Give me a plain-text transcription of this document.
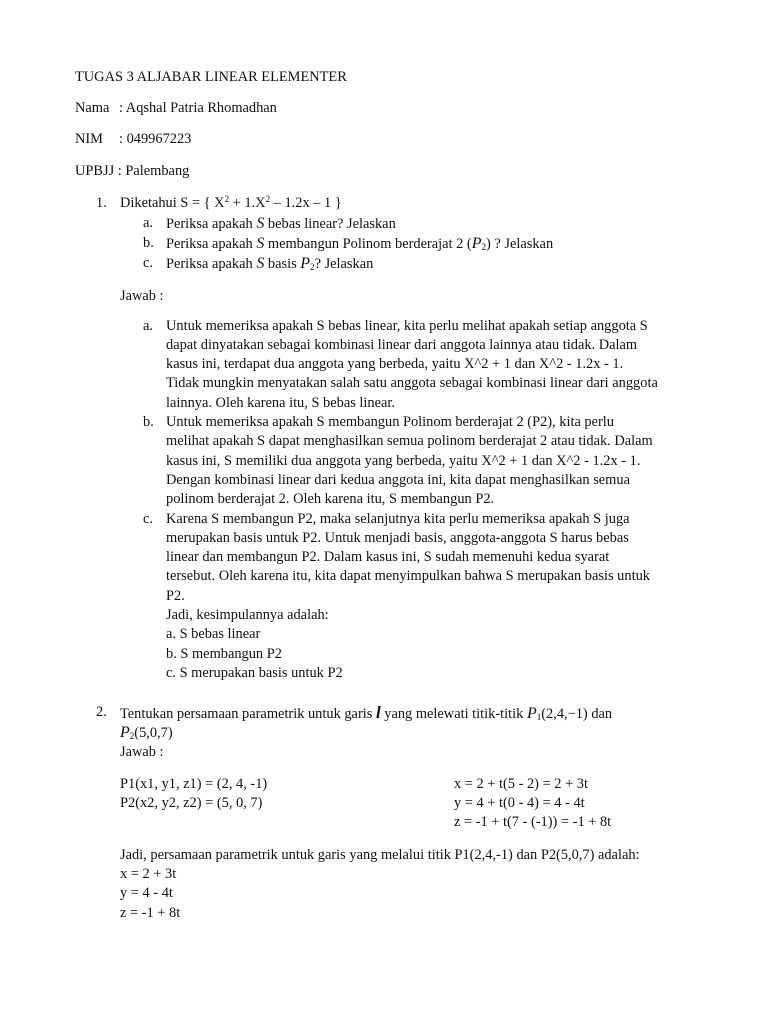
TUGAS 3 ALJABAR LINEAR ELEMENTER
Nama : Aqshal Patria Rhomadhan
NIM : 049967223
UPBJJ : Palembang
1. Diketahui S = { $X^2 + 1.X^2 - 1.2x - 1$ }
a. Periksa apakah S bebas linear? Jelaskan
b. Periksa apakah S membangun Polinom berderajat 2 $(P_2)$ ? Jelaskan
c. Periksa apakah S basis $P_2$? Jelaskan
Jawab :
a. Untuk memeriksa apakah S bebas linear, kita perlu melihat apakah setiap anggota S
dapat dinyatakan sebagai kombinasi linear dari anggota lainnya atau tidak. Dalam
kasus ini, terdapat dua anggota yang berbeda, yaitu X^2 + 1 dan X^2 - 1.2x - 1.
Tidak mungkin menyatakan salah satu anggota sebagai kombinasi linear dari anggota
lainnya. Oleh karena itu, S bebas linear.
b. Untuk memeriksa apakah S membangun Polinom berderajat 2 (P2), kita perlu
melihat apakah S dapat menghasilkan semua polinom berderajat 2 atau tidak. Dalam
kasus ini, S memiliki dua anggota yang berbeda, yaitu X^2 + 1 dan X^2 - 1.2x - 1.
Dengan kombinasi linear dari kedua anggota ini, kita dapat menghasilkan semua
polinom berderajat 2. Oleh karena itu, S membangun P2.
c. Karena S membangun P2, maka selanjutnya kita perlu memeriksa apakah S juga
merupakan basis untuk P2. Untuk menjadi basis, anggota-anggota S harus bebas
linear dan membangun P2. Dalam kasus ini, S sudah memenuhi kedua syarat
tersebut. Oleh karena itu, kita dapat menyimpulkan bahwa S merupakan basis untuk
P2.
Jadi, kesimpulannya adalah:
a. S bebas linear
b. S membangun P2
c. S merupakan basis untuk P2
2. Tentukan persamaan parametrik untuk garis l yang melewati titik-titik $P_1(2,4,-1)$ dan
$P_2(5,0,7)$
Jawab :
P1(x1, y1, z1) = (2, 4, -1)
P2(x2, y2, z2) = (5, 0, 7)
x = 2 + t(5 - 2) = 2 + 3t
y = 4 + t(0 - 4) = 4 - 4t
z = -1 + t(7 - (-1)) = -1 + 8t
Jadi, persamaan parametrik untuk garis yang melalui titik P1(2,4,-1) dan P2(5,0,7) adalah:
x = 2 + 3t
y = 4 - 4t
z = -1 + 8t
